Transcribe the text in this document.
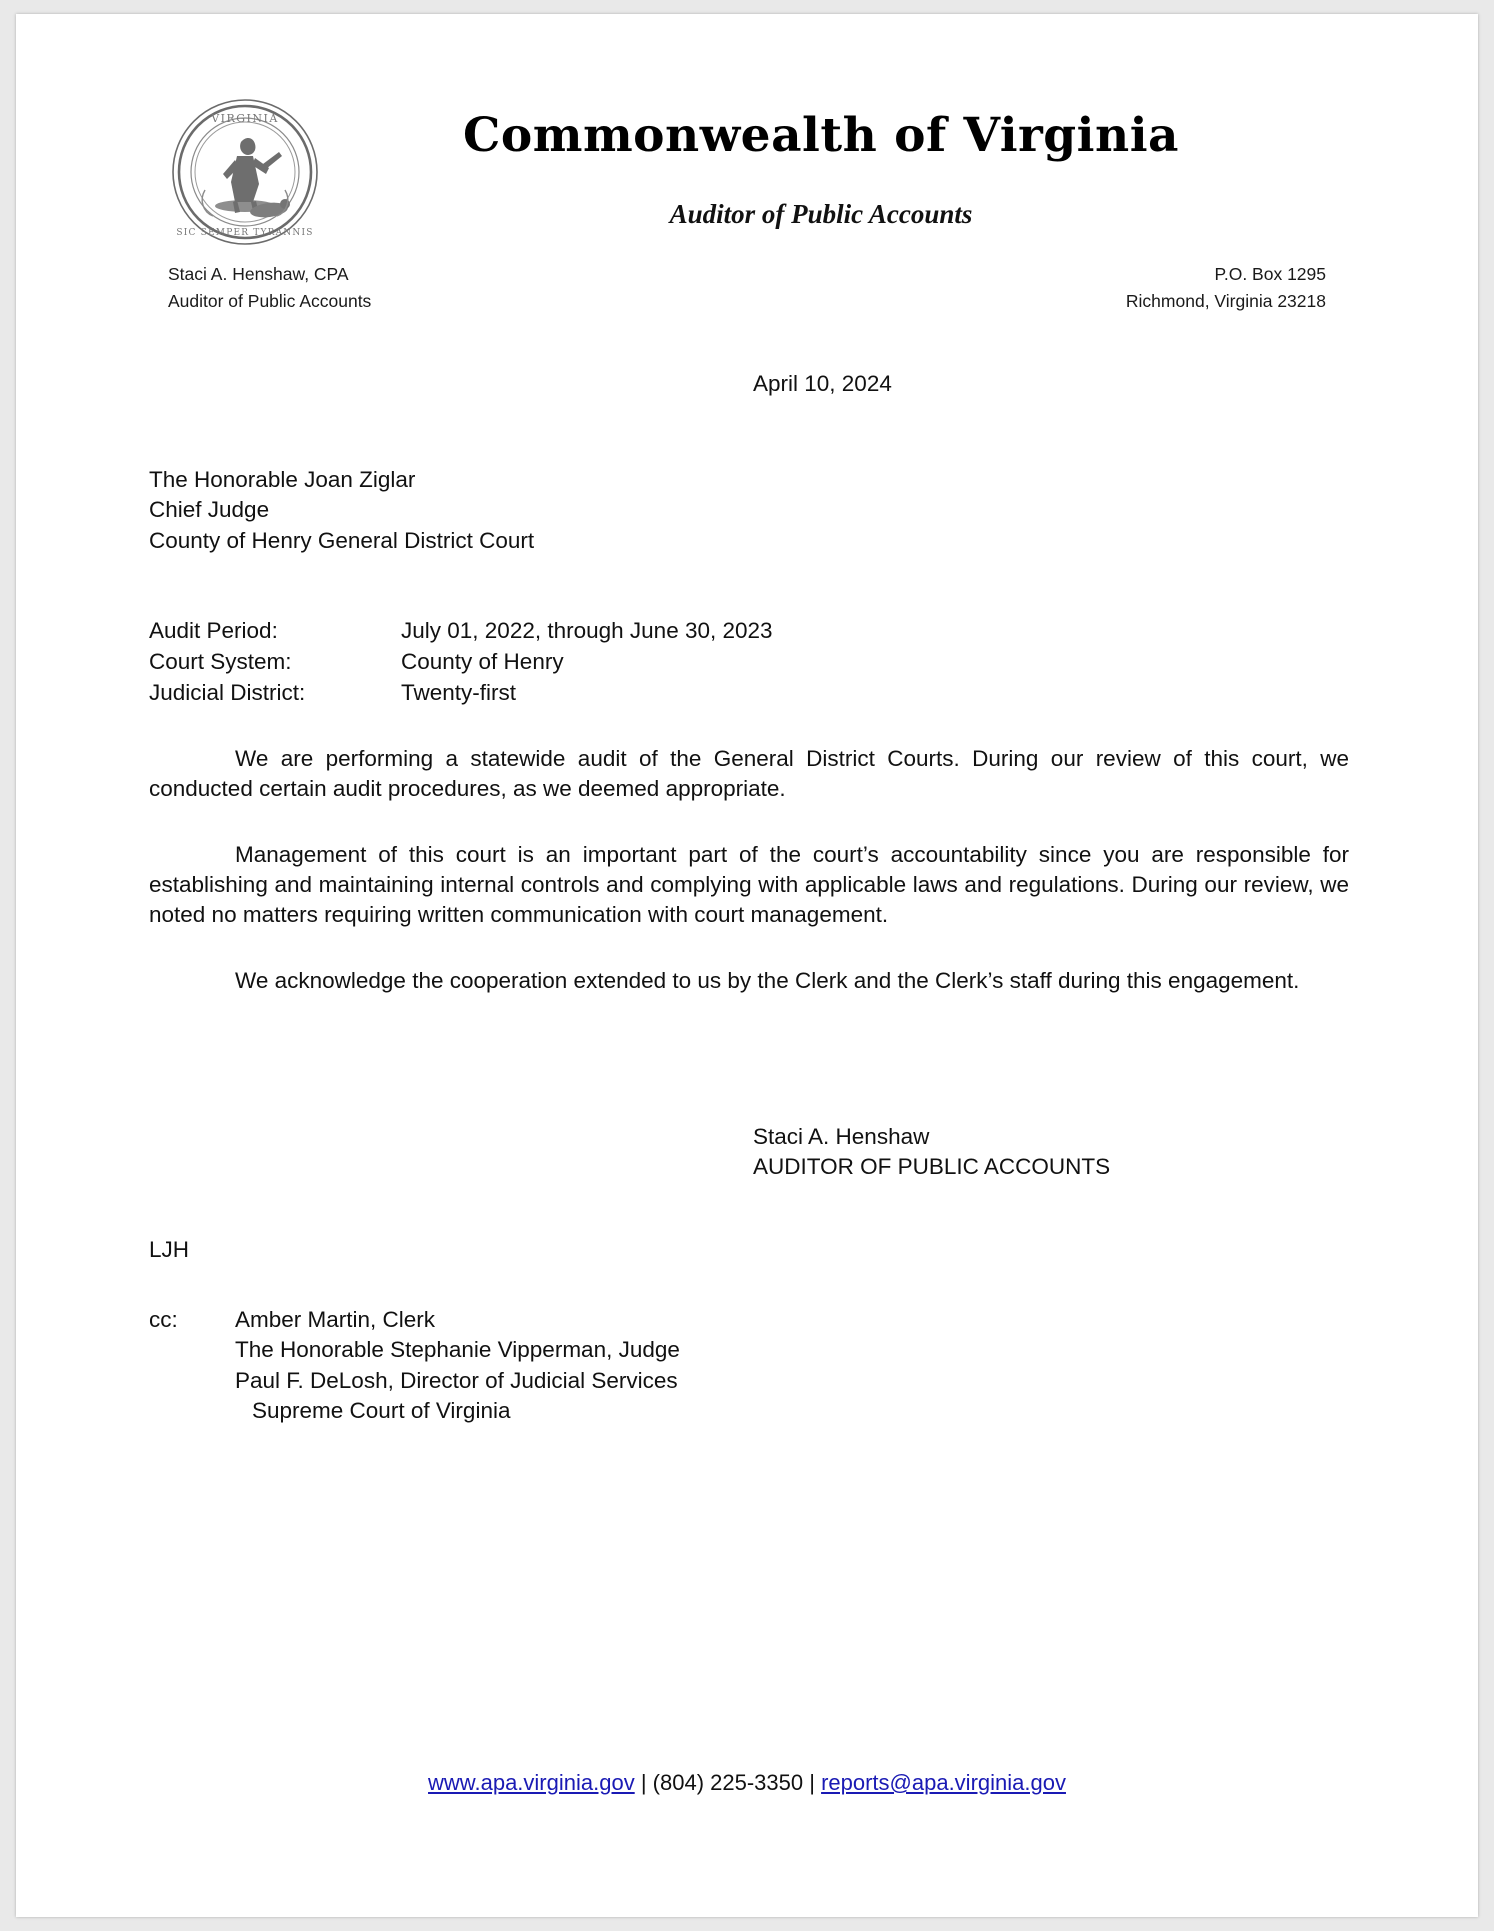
VIRGINIA
SIC SEMPER TYRANNIS
Commonwealth of Virginia
Auditor of Public Accounts
Staci A. Henshaw, CPA
Auditor of Public Accounts
P.O. Box 1295
Richmond, Virginia 23218
April 10, 2024
The Honorable Joan Ziglar
Chief Judge
County of Henry General District Court
Audit Period:	July 01, 2022, through June 30, 2023
Court System:	County of Henry
Judicial District:	Twenty-first

We are performing a statewide audit of the General District Courts. During our review of this court, we conducted certain audit procedures, as we deemed appropriate.

Management of this court is an important part of the court’s accountability since you are responsible for establishing and maintaining internal controls and complying with applicable laws and regulations. During our review, we noted no matters requiring written communication with court management.

We acknowledge the cooperation extended to us by the Clerk and the Clerk’s staff during this engagement.

Staci A. Henshaw
AUDITOR OF PUBLIC ACCOUNTS
LJH
cc:	Amber Martin, Clerk
The Honorable Stephanie Vipperman, Judge
Paul F. DeLosh, Director of Judicial Services
Supreme Court of Virginia
www.apa.virginia.gov | (804) 225-3350 | reports@apa.virginia.gov
